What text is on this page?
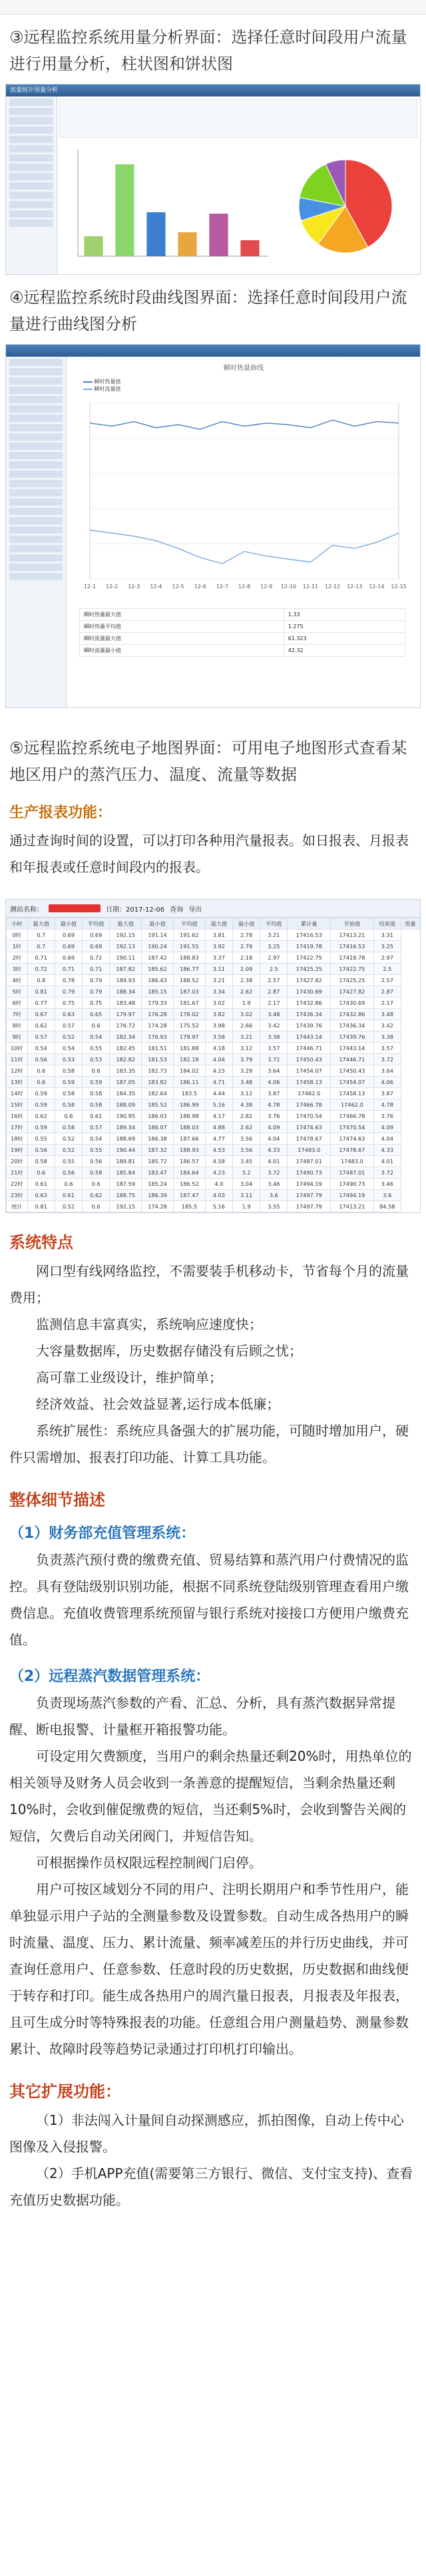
③远程监控系统用量分析界面：选择任意时间段用户流量进行用量分析，柱状图和饼状图
流量统计用量分析
④远程监控系统时段曲线图界面：选择任意时间段用户流量进行曲线图分析
瞬时热量曲线
瞬时热量值
瞬时流量值
12-1 12-2 12-3 12-4 12-5 12-6 12-7 12-8 12-9 12-10 12-11 12-12 12-13 12-14 12-15
瞬时热量最大值	1.33
瞬时热量平均值	1.275
瞬时流量最大值	61.323
瞬时流量最小值	42.32
⑤远程监控系统电子地图界面：可用电子地图形式查看某地区用户的蒸汽压力、温度、流量等数据
生产报表功能：
通过查询时间的设置，可以打印各种用汽量报表。如日报表、月报表和年报表或任意时间段内的报表。
测站名称：	日期：2017-12-06 查询 导出
小时	最大值	最小值	平均值	最大值	最小值	平均值	最大值	最小值	平均值	累计量	开始值	结束值	用量
0时	0.7	0.69	0.69	192.15	191.14	191.62	3.81	2.78	3.21	17416.53	17413.21	3.31	
1时	0.7	0.69	0.69	192.13	190.24	191.55	3.92	2.79	3.25	17419.78	17416.53	3.25	
2时	0.71	0.69	0.72	190.11	187.42	188.83	3.37	2.18	2.97	17422.75	17419.78	2.97	
3时	0.72	0.71	0.71	187.82	185.62	186.77	3.11	2.09	2.5	17425.25	17422.75	2.5	
4时	0.8	0.78	0.79	189.93	186.43	188.52	3.21	2.38	2.57	17427.82	17425.25	2.57	
5时	0.81	0.79	0.79	188.34	185.15	187.03	3.34	2.62	2.87	17430.69	17427.82	2.87	
6时	0.77	0.75	0.75	183.48	179.33	181.67	3.02	1.9	2.17	17432.86	17430.69	2.17	
7时	0.67	0.63	0.65	179.97	176.28	178.02	3.82	3.02	3.48	17436.34	17432.86	3.48	
8时	0.62	0.57	0.6	176.72	174.28	175.52	3.98	2.66	3.42	17439.76	17436.34	3.42	
9时	0.57	0.52	0.54	182.34	176.93	179.97	3.58	3.21	3.38	17443.14	17439.76	3.38	
10时	0.54	0.54	0.55	182.45	181.51	181.88	4.18	3.12	3.57	17446.71	17443.14	3.57	
11时	0.56	0.53	0.53	182.82	181.53	182.18	4.04	3.79	3.72	17450.43	17446.71	3.72	
12时	0.6	0.58	0.6	183.35	182.73	184.02	4.15	3.29	3.64	17454.07	17450.43	3.64	
13时	0.6	0.59	0.59	187.05	183.82	186.11	4.71	3.48	4.06	17458.13	17454.07	4.06	
14时	0.59	0.58	0.58	184.35	182.64	183.5	4.44	3.12	3.87	17462.0	17458.13	3.87	
15时	0.59	0.58	0.58	188.09	185.52	186.99	5.16	4.38	4.78	17466.78	17462.0	4.78	
16时	0.62	0.6	0.61	190.95	186.03	188.98	4.17	2.82	3.76	17470.54	17466.78	3.76	
17时	0.59	0.58	0.57	189.34	186.07	188.03	4.88	2.62	4.09	17474.63	17470.54	4.09	
18时	0.55	0.52	0.54	188.69	186.38	187.66	4.77	3.56	4.04	17478.67	17474.63	4.04	
19时	0.56	0.52	0.55	190.44	187.32	188.93	4.53	3.56	4.33	17483.0	17478.67	4.33	
20时	0.58	0.55	0.56	189.81	185.72	186.57	4.58	3.45	4.01	17487.01	17483.0	4.01	
21时	0.6	0.56	0.58	185.84	183.47	184.64	4.23	3.2	3.72	17490.73	17487.01	3.72	
22时	0.61	0.6	0.6	187.59	185.24	186.52	4.0	3.04	3.46	17494.19	17490.73	3.46	
23时	0.63	0.61	0.62	188.75	186.39	187.47	4.03	3.11	3.6	17497.79	17494.19	3.6	
统计	0.81	0.52	0.6	192.15	174.28	185.5	5.16	1.9	3.55	17497.79	17413.21	84.58	
系统特点
网口型有线网络监控，不需要装手机移动卡，节省每个月的流量费用；
监测信息丰富真实，系统响应速度快；
大容量数据库，历史数据存储没有后顾之忧；
高可靠工业级设计，维护简单；
经济效益、社会效益显著,运行成本低廉；
系统扩展性：系统应具备强大的扩展功能，可随时增加用户，硬件只需增加、报表打印功能、计算工具功能。
整体细节描述
（1）财务部充值管理系统：
负责蒸汽预付费的缴费充值、贸易结算和蒸汽用户付费情况的监控。具有登陆级别识别功能，根据不同系统登陆级别管理查看用户缴费信息。充值收费管理系统预留与银行系统对接接口方便用户缴费充值。
（2）远程蒸汽数据管理系统：
负责现场蒸汽参数的产看、汇总、分析，具有蒸汽数据异常提醒、断电报警、计量框开箱报警功能。
可设定用欠费额度，当用户的剩余热量还剩20%时，用热单位的相关领导及财务人员会收到一条善意的提醒短信，当剩余热量还剩10%时，会收到催促缴费的短信，当还剩5%时，会收到警告关阀的短信，欠费后自动关闭阀门，并短信告知。
可根据操作员权限远程控制阀门启停。
用户可按区域划分不同的用户、注明长期用户和季节性用户，能单独显示用户子站的全测量参数及设置参数。自动生成各热用户的瞬时流量、温度、压力、累计流量、频率减差压的并行历史曲线，并可查询任意用户、任意参数、任意时段的历史数据，历史数据和曲线便于转存和打印。能生成各热用户的周汽量日报表，月报表及年报表，且可生成分时等特殊报表的功能。任意组合用户测量趋势、测量参数累计、故障时段等趋势记录通过打印机打印输出。
其它扩展功能：
（1）非法闯入计量间自动探测感应，抓拍图像，自动上传中心图像及入侵报警。
（2）手机APP充值(需要第三方银行、微信、支付宝支持)、查看充值历史数据功能。
